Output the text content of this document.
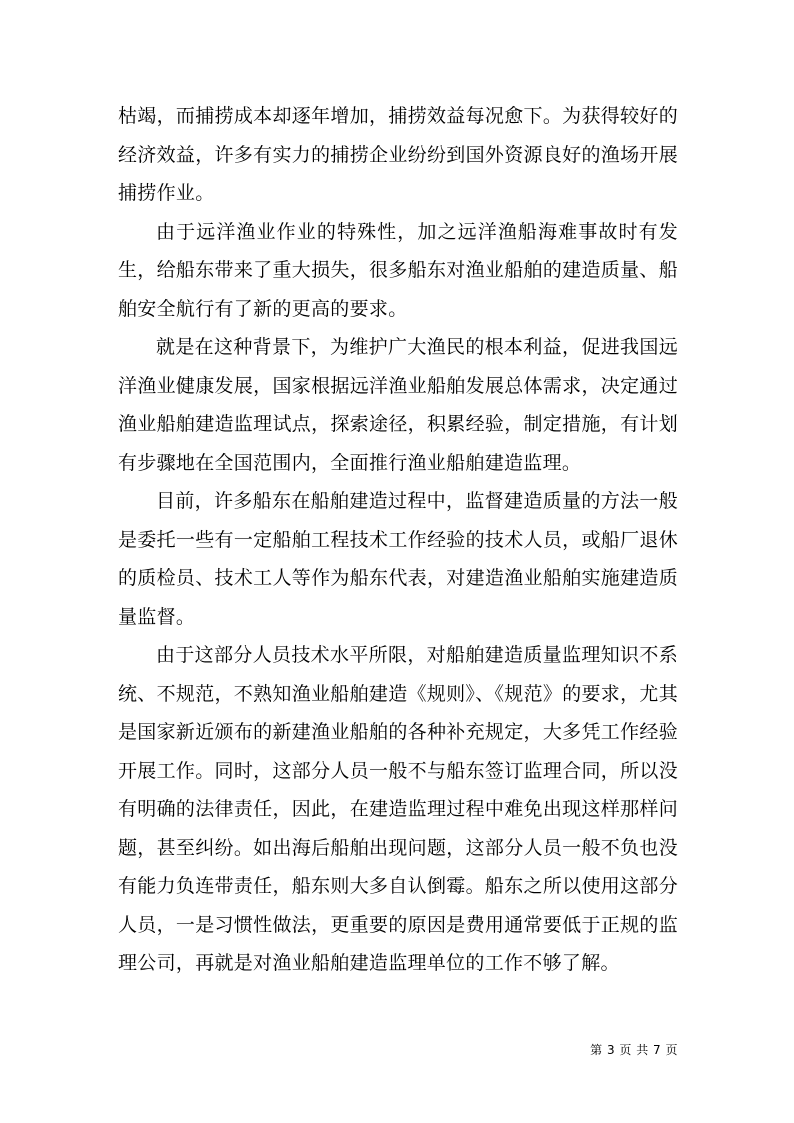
枯竭，而捕捞成本却逐年增加，捕捞效益每况愈下。为获得较好的经济效益，许多有实力的捕捞企业纷纷到国外资源良好的渔场开展捕捞作业。

由于远洋渔业作业的特殊性，加之远洋渔船海难事故时有发生，给船东带来了重大损失，很多船东对渔业船舶的建造质量、船舶安全航行有了新的更高的要求。

就是在这种背景下，为维护广大渔民的根本利益，促进我国远洋渔业健康发展，国家根据远洋渔业船舶发展总体需求，决定通过渔业船舶建造监理试点，探索途径，积累经验，制定措施，有计划有步骤地在全国范围内，全面推行渔业船舶建造监理。

目前，许多船东在船舶建造过程中，监督建造质量的方法一般是委托一些有一定船舶工程技术工作经验的技术人员，或船厂退休的质检员、技术工人等作为船东代表，对建造渔业船舶实施建造质量监督。

由于这部分人员技术水平所限，对船舶建造质量监理知识不系统、不规范，不熟知渔业船舶建造《规则》、《规范》的要求，尤其是国家新近颁布的新建渔业船舶的各种补充规定，大多凭工作经验开展工作。同时，这部分人员一般不与船东签订监理合同，所以没有明确的法律责任，因此，在建造监理过程中难免出现这样那样问题，甚至纠纷。如出海后船舶出现问题，这部分人员一般不负也没有能力负连带责任，船东则大多自认倒霉。船东之所以使用这部分人员，一是习惯性做法，更重要的原因是费用通常要低于正规的监理公司，再就是对渔业船舶建造监理单位的工作不够了解。

第 3 页 共 7 页
